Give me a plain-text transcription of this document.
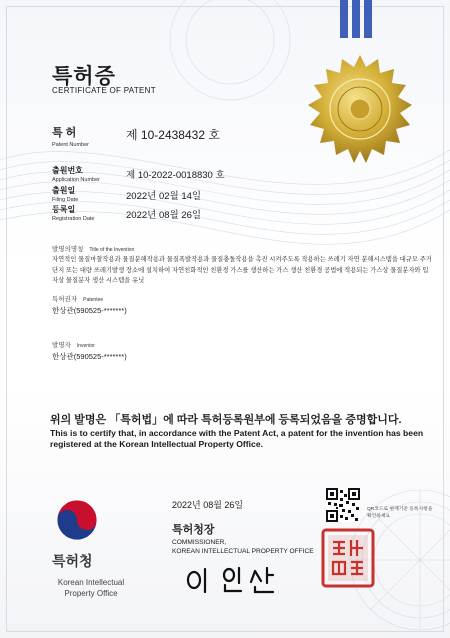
특허증
CERTIFICATE OF PATENT
특 허
Patent Number
제 10-2438432 호
출원번호
Application Number	제 10-2022-0018830 호
출원일
Filing Date	2022년 02월 14일
등록일
Registration Date	2022년 08월 26일
발명의명칭 Title of the Invention
자연적인 물질마찰작용과 물질분해작용과 물질폭발작용과 물질충돌작용을 촉진 시켜주도록 작용하는 쓰레기 자연 분해시스템을 대규모 주거단지 또는 대량 쓰레기발생 장소에 설치하여 자연친화적인 친환경 가스를 생산하는 가스 생산 친환경 공법에 적용되는 가스상 물질분자와 입자상 물질분자 생산 시스템을 유닛
특허권자 Patentee
한상관(590525-*******)
발명자 Inventor
한상관(590525-*******)
위의 발명은 「특허법」에 따라 특허등록원부에 등록되었음을 증명합니다.
This is to certify that, in accordance with the Patent Act, a patent for the invention has been registered at the Korean Intellectual Property Office.
특허청
Korean Intellectual Property Office
2022년 08월 26일
특허청장
COMMISSIONER,
KOREAN INTELLECTUAL PROPERTY OFFICE
QR코드로 현재기준 등록사항을 확인하세요
